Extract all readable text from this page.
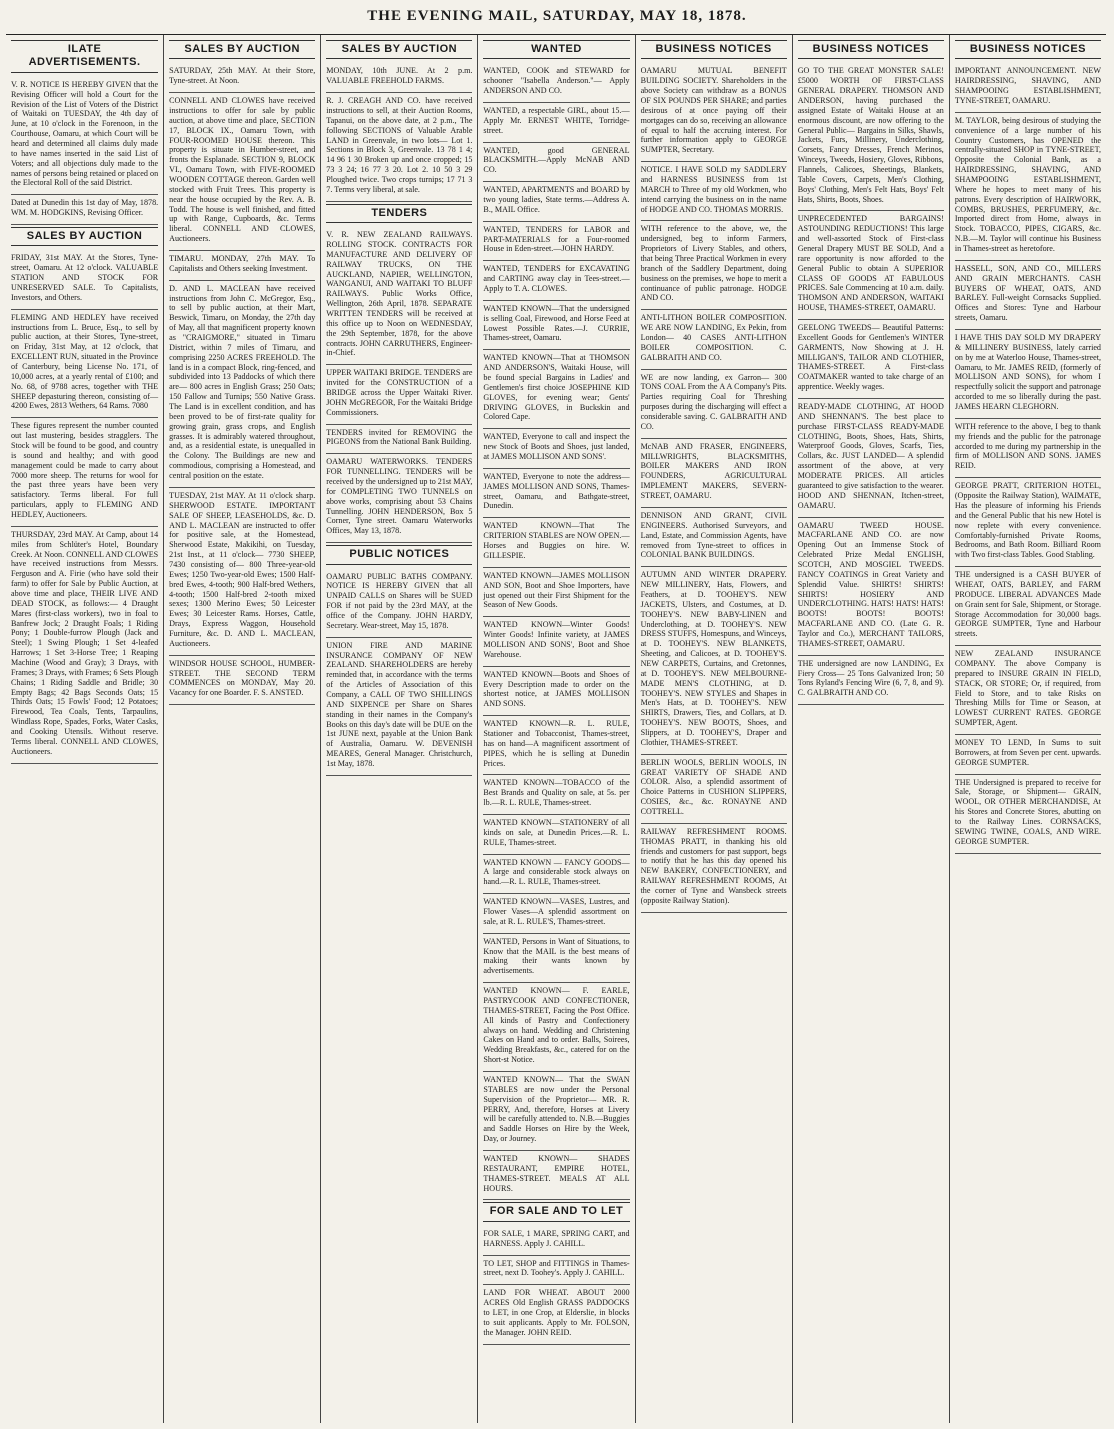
THE EVENING MAIL, SATURDAY, MAY 18, 1878.
ILATE ADVERTISEMENTS.

V. R. NOTICE IS HEREBY GIVEN that the Revising Officer will hold a Court for the Revision of the List of Voters of the District of Waitaki on TUESDAY, the 4th day of June, at 10 o'clock in the Forenoon, in the Courthouse, Oamaru, at which Court will be heard and determined all claims duly made to have names inserted in the said List of Voters; and all objections duly made to the names of persons being retained or placed on the Electoral Roll of the said District.

Dated at Dunedin this 1st day of May, 1878. WM. M. HODGKINS, Revising Officer.

SALES BY AUCTION

FRIDAY, 31st MAY. At the Stores, Tyne-street, Oamaru. At 12 o'clock. VALUABLE STATION AND STOCK FOR UNRESERVED SALE. To Capitalists, Investors, and Others.

FLEMING AND HEDLEY have received instructions from L. Bruce, Esq., to sell by public auction, at their Stores, Tyne-street, on Friday, 31st May, at 12 o'clock, that EXCELLENT RUN, situated in the Province of Canterbury, being License No. 171, of 10,000 acres, at a yearly rental of £100; and No. 68, of 9788 acres, together with THE SHEEP depasturing thereon, consisting of— 4200 Ewes, 2813 Wethers, 64 Rams. 7080

These figures represent the number counted out last mustering, besides stragglers. The Stock will be found to be good, and country is sound and healthy; and with good management could be made to carry about 7000 more sheep. The returns for wool for the past three years have been very satisfactory. Terms liberal. For full particulars, apply to FLEMING AND HEDLEY, Auctioneers.

THURSDAY, 23rd MAY. At Camp, about 14 miles from Schlüter's Hotel, Boundary Creek. At Noon. CONNELL AND CLOWES have received instructions from Messrs. Ferguson and A. Firie (who have sold their farm) to offer for Sale by Public Auction, at above time and place, THEIR LIVE AND DEAD STOCK, as follows:— 4 Draught Mares (first-class workers), two in foal to Banfrew Jock; 2 Draught Foals; 1 Riding Pony; 1 Double-furrow Plough (Jack and Steel); 1 Swing Plough; 1 Set 4-leafed Harrows; 1 Set 3-Horse Tree; 1 Reaping Machine (Wood and Gray); 3 Drays, with Frames; 3 Drays, with Frames; 6 Sets Plough Chains; 1 Riding Saddle and Bridle; 30 Empty Bags; 42 Bags Seconds Oats; 15 Thirds Oats; 15 Fowls' Food; 12 Potatoes; Firewood, Tea Coals, Tents, Tarpaulins, Windlass Rope, Spades, Forks, Water Casks, and Cooking Utensils. Without reserve. Terms liberal. CONNELL AND CLOWES, Auctioneers.

SALES BY AUCTION

SATURDAY, 25th MAY. At their Store, Tyne-street. At Noon.

CONNELL AND CLOWES have received instructions to offer for sale by public auction, at above time and place, SECTION 17, BLOCK IX., Oamaru Town, with FOUR-ROOMED HOUSE thereon. This property is situate in Humber-street, and fronts the Esplanade. SECTION 9, BLOCK VI., Oamaru Town, with FIVE-ROOMED WOODEN COTTAGE thereon. Garden well stocked with Fruit Trees. This property is near the house occupied by the Rev. A. B. Todd. The house is well finished, and fitted up with Range, Cupboards, &c. Terms liberal. CONNELL AND CLOWES, Auctioneers.

TIMARU. MONDAY, 27th MAY. To Capitalists and Others seeking Investment.

D. AND L. MACLEAN have received instructions from John C. McGregor, Esq., to sell by public auction, at their Mart, Beswick, Timaru, on Monday, the 27th day of May, all that magnificent property known as "CRAIGMORE," situated in Timaru District, within 7 miles of Timaru, and comprising 2250 ACRES FREEHOLD. The land is in a compact Block, ring-fenced, and subdivided into 13 Paddocks of which there are— 800 acres in English Grass; 250 Oats; 150 Fallow and Turnips; 550 Native Grass. The Land is in excellent condition, and has been proved to be of first-rate quality for growing grain, grass crops, and English grasses. It is admirably watered throughout, and, as a residential estate, is unequalled in the Colony. The Buildings are new and commodious, comprising a Homestead, and central position on the estate.

TUESDAY, 21st MAY. At 11 o'clock sharp. SHERWOOD ESTATE. IMPORTANT SALE OF SHEEP, LEASEHOLDS, &c. D. AND L. MACLEAN are instructed to offer for positive sale, at the Homestead, Sherwood Estate, Makikihi, on Tuesday, 21st Inst., at 11 o'clock— 7730 SHEEP, 7430 consisting of— 800 Three-year-old Ewes; 1250 Two-year-old Ewes; 1500 Half-bred Ewes, 4-tooth; 900 Half-bred Wethers, 4-tooth; 1500 Half-bred 2-tooth mixed sexes; 1300 Merino Ewes; 50 Leicester Ewes; 30 Leicester Rams. Horses, Cattle, Drays, Express Waggon, Household Furniture, &c. D. AND L. MACLEAN, Auctioneers.

WINDSOR HOUSE SCHOOL, HUMBER-STREET. THE SECOND TERM COMMENCES on MONDAY, May 20. Vacancy for one Boarder. F. S. ANSTED.

SALES BY AUCTION

MONDAY, 10th JUNE. At 2 p.m. VALUABLE FREEHOLD FARMS.

R. J. CREAGH AND CO. have received instructions to sell, at their Auction Rooms, Tapanui, on the above date, at 2 p.m., The following SECTIONS of Valuable Arable LAND in Greenvale, in two lots— Lot 1. Sections in Block 3, Greenvale. 13 78 1 4; 14 96 1 30 Broken up and once cropped; 15 73 3 24; 16 77 3 20. Lot 2. 10 50 3 29 Ploughed twice. Two crops turnips; 17 71 3 7. Terms very liberal, at sale.

TENDERS

V. R. NEW ZEALAND RAILWAYS. ROLLING STOCK. CONTRACTS FOR MANUFACTURE AND DELIVERY OF RAILWAY TRUCKS, ON THE AUCKLAND, NAPIER, WELLINGTON, WANGANUI, AND WAITAKI TO BLUFF RAILWAYS. Public Works Office, Wellington, 26th April, 1878. SEPARATE WRITTEN TENDERS will be received at this office up to Noon on WEDNESDAY, the 29th September, 1878, for the above contracts. JOHN CARRUTHERS, Engineer-in-Chief.

UPPER WAITAKI BRIDGE. TENDERS are invited for the CONSTRUCTION of a BRIDGE across the Upper Waitaki River. JOHN McGREGOR, For the Waitaki Bridge Commissioners.

TENDERS invited for REMOVING the PIGEONS from the National Bank Building.

OAMARU WATERWORKS. TENDERS FOR TUNNELLING. TENDERS will be received by the undersigned up to 21st MAY, for COMPLETING TWO TUNNELS on above works, comprising about 53 Chains Tunnelling. JOHN HENDERSON, Box 5 Corner, Tyne street. Oamaru Waterworks Offices, May 13, 1878.

PUBLIC NOTICES

OAMARU PUBLIC BATHS COMPANY. NOTICE IS HEREBY GIVEN that all UNPAID CALLS on Shares will be SUED FOR if not paid by the 23rd MAY, at the office of the Company. JOHN HARDY, Secretary. Wear-street, May 15, 1878.

UNION FIRE AND MARINE INSURANCE COMPANY OF NEW ZEALAND. SHAREHOLDERS are hereby reminded that, in accordance with the terms of the Articles of Association of this Company, a CALL OF TWO SHILLINGS AND SIXPENCE per Share on Shares standing in their names in the Company's Books on this day's date will be DUE on the 1st JUNE next, payable at the Union Bank of Australia, Oamaru. W. DEVENISH MEARES, General Manager. Christchurch, 1st May, 1878.

WANTED

WANTED, COOK and STEWARD for schooner "Isabella Anderson."— Apply ANDERSON AND CO.

WANTED, a respectable GIRL, about 15.—Apply Mr. ERNEST WHITE, Torridge-street.

WANTED, good GENERAL BLACKSMITH.—Apply McNAB AND CO.

WANTED, APARTMENTS and BOARD by two young ladies, State terms.—Address A. B., MAIL Office.

WANTED, TENDERS for LABOR and PART-MATERIALS for a Four-roomed House in Eden-street.—JOHN HARDY.

WANTED, TENDERS for EXCAVATING and CARTING away clay in Tees-street.—Apply to T. A. CLOWES.

WANTED KNOWN—That the undersigned is selling Coal, Firewood, and Horse Feed at Lowest Possible Rates.—J. CURRIE, Thames-street, Oamaru.

WANTED KNOWN—That at THOMSON AND ANDERSON'S, Waitaki House, will be found special Bargains in Ladies' and Gentlemen's first choice JOSEPHINE KID GLOVES, for evening wear; Gents' DRIVING GLOVES, in Buckskin and Colored Cape.

WANTED, Everyone to call and inspect the new Stock of Boots and Shoes, just landed, at JAMES MOLLISON AND SONS'.

WANTED, Everyone to note the address—JAMES MOLLISON AND SONS, Thames-street, Oamaru, and Bathgate-street, Dunedin.

WANTED KNOWN—That The CRITERION STABLES are NOW OPEN.—Horses and Buggies on hire. W. GILLESPIE.

WANTED KNOWN—JAMES MOLLISON AND SON, Boot and Shoe Importers, have just opened out their First Shipment for the Season of New Goods.

WANTED KNOWN—Winter Goods! Winter Goods! Infinite variety, at JAMES MOLLISON AND SONS', Boot and Shoe Warehouse.

WANTED KNOWN—Boots and Shoes of Every Description made to order on the shortest notice, at JAMES MOLLISON AND SONS.

WANTED KNOWN—R. L. RULE, Stationer and Tobacconist, Thames-street, has on hand—A magnificent assortment of PIPES, which he is selling at Dunedin Prices.

WANTED KNOWN—TOBACCO of the Best Brands and Quality on sale, at 5s. per lb.—R. L. RULE, Thames-street.

WANTED KNOWN—STATIONERY of all kinds on sale, at Dunedin Prices.—R. L. RULE, Thames-street.

WANTED KNOWN — FANCY GOODS—A large and considerable stock always on hand.—R. L. RULE, Thames-street.

WANTED KNOWN—VASES, Lustres, and Flower Vases—A splendid assortment on sale, at R. L. RULE'S, Thames-street.

WANTED, Persons in Want of Situations, to Know that the MAIL is the best means of making their wants known by advertisements.

WANTED KNOWN— F. EARLE, PASTRYCOOK AND CONFECTIONER, THAMES-STREET, Facing the Post Office. All kinds of Pastry and Confectionery always on hand. Wedding and Christening Cakes on Hand and to order. Balls, Soirees, Wedding Breakfasts, &c., catered for on the Short-st Notice.

WANTED KNOWN— That the SWAN STABLES are now under the Personal Supervision of the Proprietor— MR. R. PERRY, And, therefore, Horses at Livery will be carefully attended to. N.B.—Buggies and Saddle Horses on Hire by the Week, Day, or Journey.

WANTED KNOWN— SHADES RESTAURANT, EMPIRE HOTEL, THAMES-STREET. MEALS AT ALL HOURS.

FOR SALE AND TO LET

FOR SALE, 1 MARE, SPRING CART, and HARNESS. Apply J. CAHILL.

TO LET, SHOP and FITTINGS in Thames-street, next D. Toohey's. Apply J. CAHILL.

LAND FOR WHEAT. ABOUT 2000 ACRES Old English GRASS PADDOCKS to LET, in one Crop, at Elderslie, in blocks to suit applicants. Apply to Mr. FOLSON, the Manager. JOHN REID.

BUSINESS NOTICES

OAMARU MUTUAL BENEFIT BUILDING SOCIETY. Shareholders in the above Society can withdraw as a BONUS OF SIX POUNDS PER SHARE; and parties desirous of at once paying off their mortgages can do so, receiving an allowance of equal to half the accruing interest. For further information apply to GEORGE SUMPTER, Secretary.

NOTICE. I HAVE SOLD my SADDLERY and HARNESS BUSINESS from 1st MARCH to Three of my old Workmen, who intend carrying the business on in the name of HODGE AND CO. THOMAS MORRIS.

WITH reference to the above, we, the undersigned, beg to inform Farmers, Proprietors of Livery Stables, and others, that being Three Practical Workmen in every branch of the Saddlery Department, doing business on the premises, we hope to merit a continuance of public patronage. HODGE AND CO.

ANTI-LITHON BOILER COMPOSITION. WE ARE NOW LANDING, Ex Pekin, from London— 40 CASES ANTI-LITHON BOILER COMPOSITION. C. GALBRAITH AND CO.

WE are now landing, ex Garron— 300 TONS COAL From the A A Company's Pits. Parties requiring Coal for Threshing purposes during the discharging will effect a considerable saving. C. GALBRAITH AND CO.

McNAB AND FRASER, ENGINEERS, MILLWRIGHTS, BLACKSMITHS, BOILER MAKERS AND IRON FOUNDERS, AGRICULTURAL IMPLEMENT MAKERS, SEVERN-STREET, OAMARU.

DENNISON AND GRANT, CIVIL ENGINEERS. Authorised Surveyors, and Land, Estate, and Commission Agents, have removed from Tyne-street to offices in COLONIAL BANK BUILDINGS.

AUTUMN AND WINTER DRAPERY. NEW MILLINERY, Hats, Flowers, and Feathers, at D. TOOHEY'S. NEW JACKETS, Ulsters, and Costumes, at D. TOOHEY'S. NEW BABY-LINEN and Underclothing, at D. TOOHEY'S. NEW DRESS STUFFS, Homespuns, and Winceys, at D. TOOHEY'S. NEW BLANKETS, Sheeting, and Calicoes, at D. TOOHEY'S. NEW CARPETS, Curtains, and Cretonnes, at D. TOOHEY'S. NEW MELBOURNE-MADE MEN'S CLOTHING, at D. TOOHEY'S. NEW STYLES and Shapes in Men's Hats, at D. TOOHEY'S. NEW SHIRTS, Drawers, Ties, and Collars, at D. TOOHEY'S. NEW BOOTS, Shoes, and Slippers, at D. TOOHEY'S, Draper and Clothier, THAMES-STREET.

BERLIN WOOLS, BERLIN WOOLS, IN GREAT VARIETY OF SHADE AND COLOR. Also, a splendid assortment of Choice Patterns in CUSHION SLIPPERS, COSIES, &c., &c. RONAYNE AND COTTRELL.

RAILWAY REFRESHMENT ROOMS. THOMAS PRATT, in thanking his old friends and customers for past support, begs to notify that he has this day opened his NEW BAKERY, CONFECTIONERY, and RAILWAY REFRESHMENT ROOMS, At the corner of Tyne and Wansbeck streets (opposite Railway Station).

BUSINESS NOTICES

GO TO THE GREAT MONSTER SALE! £5000 WORTH OF FIRST-CLASS GENERAL DRAPERY. THOMSON AND ANDERSON, having purchased the assigned Estate of Waitaki House at an enormous discount, are now offering to the General Public— Bargains in Silks, Shawls, Jackets, Furs, Millinery, Underclothing, Corsets, Fancy Dresses, French Merinos, Winceys, Tweeds, Hosiery, Gloves, Ribbons, Flannels, Calicoes, Sheetings, Blankets, Table Covers, Carpets, Men's Clothing, Boys' Clothing, Men's Felt Hats, Boys' Felt Hats, Shirts, Boots, Shoes.

UNPRECEDENTED BARGAINS! ASTOUNDING REDUCTIONS! This large and well-assorted Stock of First-class General Drapery MUST BE SOLD, And a rare opportunity is now afforded to the General Public to obtain A SUPERIOR CLASS OF GOODS AT FABULOUS PRICES. Sale Commencing at 10 a.m. daily. THOMSON AND ANDERSON, WAITAKI HOUSE, THAMES-STREET, OAMARU.

GEELONG TWEEDS— Beautiful Patterns: Excellent Goods for Gentlemen's WINTER GARMENTS, Now Showing at J. H. MILLIGAN'S, TAILOR AND CLOTHIER, THAMES-STREET. A First-class COATMAKER wanted to take charge of an apprentice. Weekly wages.

READY-MADE CLOTHING, AT HOOD AND SHENNAN'S. The best place to purchase FIRST-CLASS READY-MADE CLOTHING, Boots, Shoes, Hats, Shirts, Waterproof Goods, Gloves, Scarfs, Ties, Collars, &c. JUST LANDED— A splendid assortment of the above, at very MODERATE PRICES. All articles guaranteed to give satisfaction to the wearer. HOOD AND SHENNAN, Itchen-street, OAMARU.

OAMARU TWEED HOUSE. MACFARLANE AND CO. are now Opening Out an Immense Stock of Celebrated Prize Medal ENGLISH, SCOTCH, AND MOSGIEL TWEEDS. FANCY COATINGS in Great Variety and Splendid Value. SHIRTS! SHIRTS! SHIRTS! HOSIERY AND UNDERCLOTHING. HATS! HATS! HATS! BOOTS! BOOTS! BOOTS! MACFARLANE AND CO. (Late G. R. Taylor and Co.), MERCHANT TAILORS, THAMES-STREET, OAMARU.

THE undersigned are now LANDING, Ex Fiery Cross— 25 Tons Galvanized Iron; 50 Tons Ryland's Fencing Wire (6, 7, 8, and 9). C. GALBRAITH AND CO.

BUSINESS NOTICES

IMPORTANT ANNOUNCEMENT. NEW HAIRDRESSING, SHAVING, AND SHAMPOOING ESTABLISHMENT, TYNE-STREET, OAMARU.

M. TAYLOR, being desirous of studying the convenience of a large number of his Country Customers, has OPENED the centrally-situated SHOP in TYNE-STREET, Opposite the Colonial Bank, as a HAIRDRESSING, SHAVING, AND SHAMPOOING ESTABLISHMENT, Where he hopes to meet many of his patrons. Every description of HAIRWORK, COMBS, BRUSHES, PERFUMERY, &c. Imported direct from Home, always in Stock. TOBACCO, PIPES, CIGARS, &c. N.B.—M. Taylor will continue his Business in Thames-street as heretofore.

HASSELL, SON, AND CO., MILLERS AND GRAIN MERCHANTS. CASH BUYERS OF WHEAT, OATS, AND BARLEY. Full-weight Cornsacks Supplied. Offices and Stores: Tyne and Harbour streets, Oamaru.

I HAVE THIS DAY SOLD MY DRAPERY & MILLINERY BUSINESS, lately carried on by me at Waterloo House, Thames-street, Oamaru, to Mr. JAMES REID, (formerly of MOLLISON AND SONS), for whom I respectfully solicit the support and patronage accorded to me so liberally during the past. JAMES HEARN CLEGHORN.

WITH reference to the above, I beg to thank my friends and the public for the patronage accorded to me during my partnership in the firm of MOLLISON AND SONS. JAMES REID.

GEORGE PRATT, CRITERION HOTEL, (Opposite the Railway Station), WAIMATE, Has the pleasure of informing his Friends and the General Public that his new Hotel is now replete with every convenience. Comfortably-furnished Private Rooms, Bedrooms, and Bath Room. Billiard Room with Two first-class Tables. Good Stabling.

THE undersigned is a CASH BUYER of WHEAT, OATS, BARLEY, and FARM PRODUCE. LIBERAL ADVANCES Made on Grain sent for Sale, Shipment, or Storage. Storage Accommodation for 30,000 bags. GEORGE SUMPTER, Tyne and Harbour streets.

NEW ZEALAND INSURANCE COMPANY. The above Company is prepared to INSURE GRAIN IN FIELD, STACK, OR STORE; Or, if required, from Field to Store, and to take Risks on Threshing Mills for Time or Season, at LOWEST CURRENT RATES. GEORGE SUMPTER, Agent.

MONEY TO LEND, In Sums to suit Borrowers, at from Seven per cent. upwards. GEORGE SUMPTER.

THE Undersigned is prepared to receive for Sale, Storage, or Shipment— GRAIN, WOOL, OR OTHER MERCHANDISE, At his Stores and Concrete Stores, abutting on to the Railway Lines. CORNSACKS, SEWING TWINE, COALS, AND WIRE. GEORGE SUMPTER.
